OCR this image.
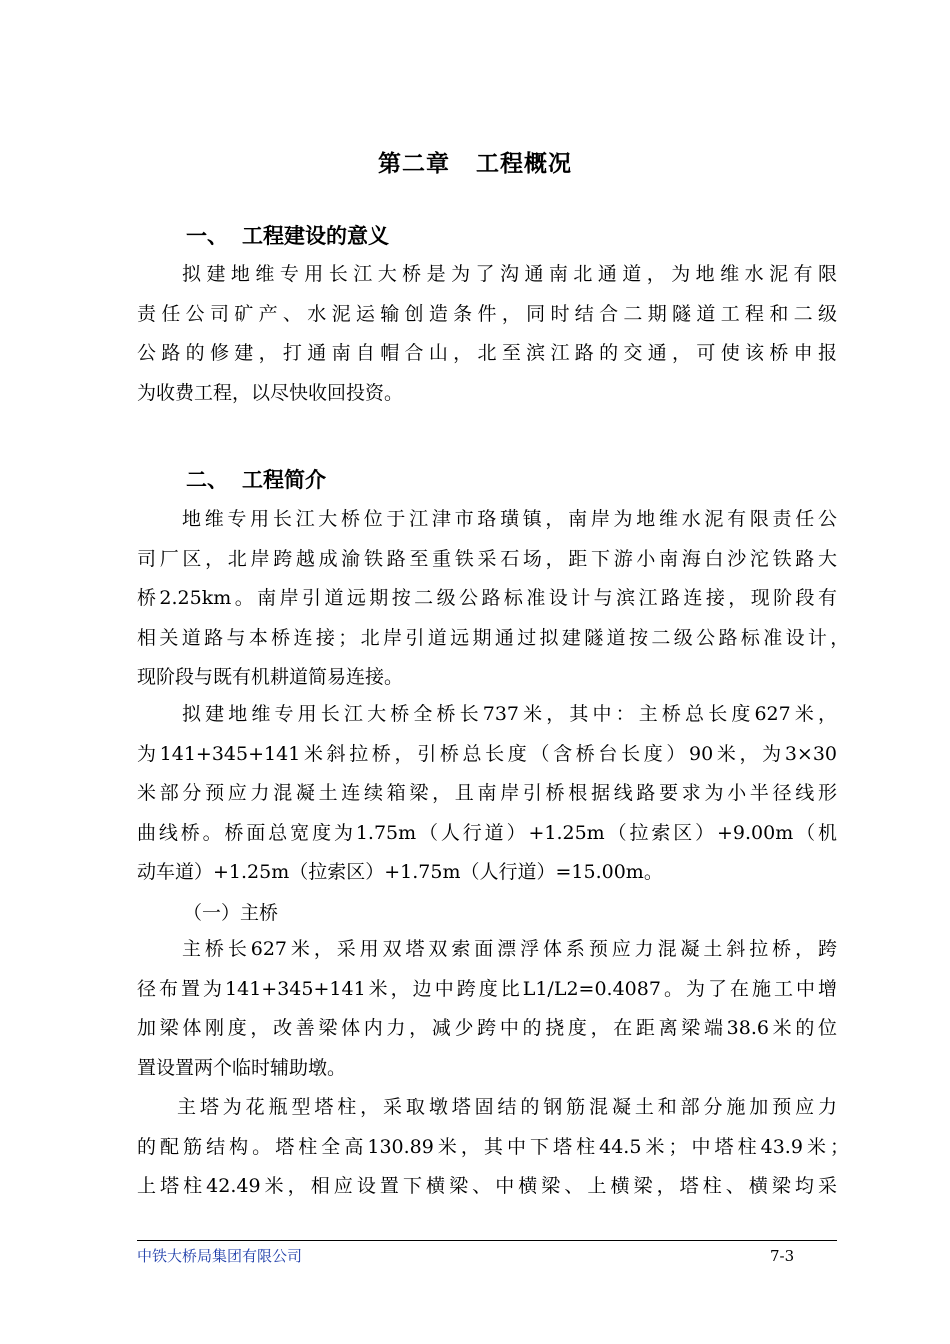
第二章 工程概况
一、 工程建设的意义

拟建地维专用长江大桥是为了沟通南北通道，为地维水泥有限
责任公司矿产、水泥运输创造条件，同时结合二期隧道工程和二级
公路的修建，打通南自帽合山，北至滨江路的交通，可使该桥申报
为收费工程，以尽快收回投资。

二、 工程简介

地维专用长江大桥位于江津市珞璜镇，南岸为地维水泥有限责任公
司厂区，北岸跨越成渝铁路至重铁采石场，距下游小南海白沙沱铁路大
桥2.25km。南岸引道远期按二级公路标准设计与滨江路连接，现阶段有
相关道路与本桥连接；北岸引道远期通过拟建隧道按二级公路标准设计，
现阶段与既有机耕道简易连接。

拟建地维专用长江大桥全桥长737米，其中：主桥总长度627米，
为141+345+141米斜拉桥，引桥总长度（含桥台长度）90米，为3×30
米部分预应力混凝土连续箱梁，且南岸引桥根据线路要求为小半径线形
曲线桥。桥面总宽度为1.75m（人行道）+1.25m（拉索区）+9.00m（机
动车道）+1.25m（拉索区）+1.75m（人行道）=15.00m。

（一）主桥

主桥长627米，采用双塔双索面漂浮体系预应力混凝土斜拉桥，跨
径布置为141+345+141米，边中跨度比L1/L2=0.4087。为了在施工中增
加梁体刚度，改善梁体内力，减少跨中的挠度，在距离梁端38.6米的位
置设置两个临时辅助墩。

主塔为花瓶型塔柱，采取墩塔固结的钢筋混凝土和部分施加预应力
的配筋结构。塔柱全高130.89米，其中下塔柱44.5米；中塔柱43.9米；
上塔柱42.49米，相应设置下横梁、中横梁、上横梁，塔柱、横梁均采

中铁大桥局集团有限公司	7-3
